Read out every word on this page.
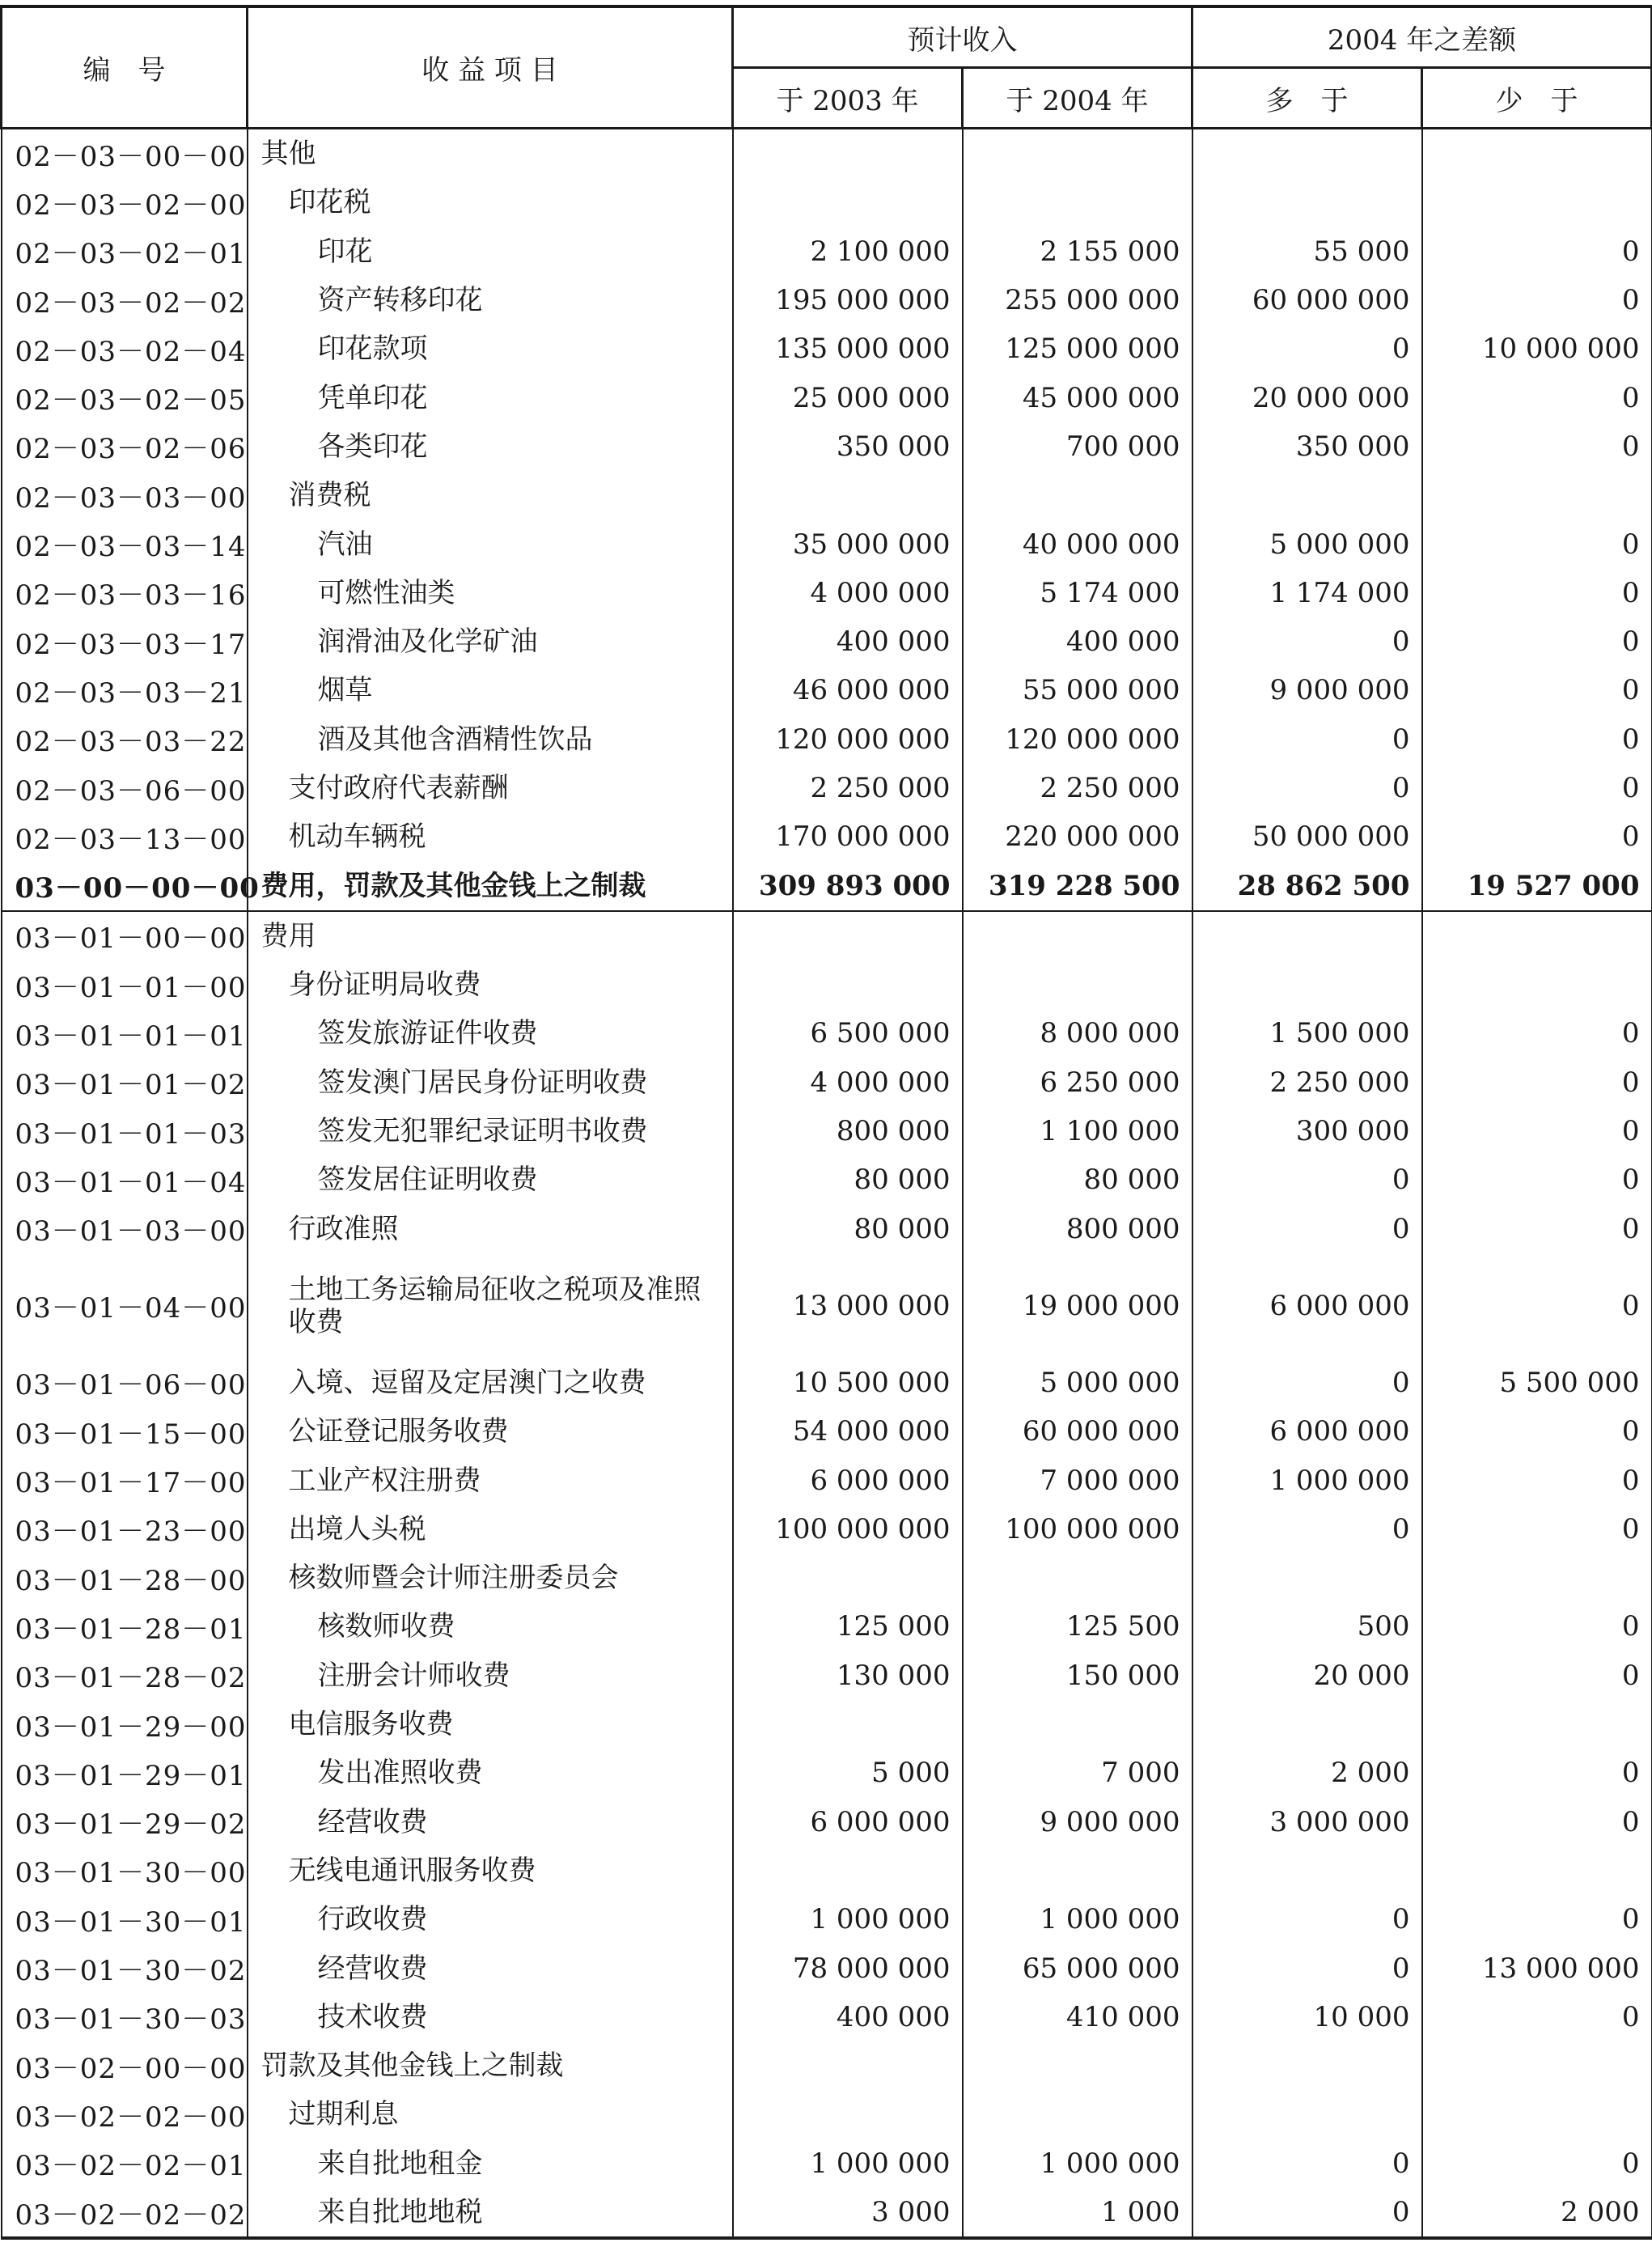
编　号	收 益 项 目	预计收入		2004 年之差额	
		于 2003 年	于 2004 年	多　于	少　于
02－03－00－00	其他				
02－03－02－00	印花税				
02－03－02－01	印花	2 100 000	2 155 000	55 000	0
02－03－02－02	资产转移印花	195 000 000	255 000 000	60 000 000	0
02－03－02－04	印花款项	135 000 000	125 000 000	0	10 000 000
02－03－02－05	凭单印花	25 000 000	45 000 000	20 000 000	0
02－03－02－06	各类印花	350 000	700 000	350 000	0
02－03－03－00	消费税				
02－03－03－14	汽油	35 000 000	40 000 000	5 000 000	0
02－03－03－16	可燃性油类	4 000 000	5 174 000	1 174 000	0
02－03－03－17	润滑油及化学矿油	400 000	400 000	0	0
02－03－03－21	烟草	46 000 000	55 000 000	9 000 000	0
02－03－03－22	酒及其他含酒精性饮品	120 000 000	120 000 000	0	0
02－03－06－00	支付政府代表薪酬	2 250 000	2 250 000	0	0
02－03－13－00	机动车辆税	170 000 000	220 000 000	50 000 000	0
03－00－00－00	费用，罚款及其他金钱上之制裁	309 893 000	319 228 500	28 862 500	19 527 000
03－01－00－00	费用				
03－01－01－00	身份证明局收费				
03－01－01－01	签发旅游证件收费	6 500 000	8 000 000	1 500 000	0
03－01－01－02	签发澳门居民身份证明收费	4 000 000	6 250 000	2 250 000	0
03－01－01－03	签发无犯罪纪录证明书收费	800 000	1 100 000	300 000	0
03－01－01－04	签发居住证明收费	80 000	80 000	0	0
03－01－03－00	行政准照	80 000	800 000	0	0
03－01－04－00	土地工务运输局征收之税项及准照收费	13 000 000	19 000 000	6 000 000	0
03－01－06－00	入境、逗留及定居澳门之收费	10 500 000	5 000 000	0	5 500 000
03－01－15－00	公证登记服务收费	54 000 000	60 000 000	6 000 000	0
03－01－17－00	工业产权注册费	6 000 000	7 000 000	1 000 000	0
03－01－23－00	出境人头税	100 000 000	100 000 000	0	0
03－01－28－00	核数师暨会计师注册委员会				
03－01－28－01	核数师收费	125 000	125 500	500	0
03－01－28－02	注册会计师收费	130 000	150 000	20 000	0
03－01－29－00	电信服务收费				
03－01－29－01	发出准照收费	5 000	7 000	2 000	0
03－01－29－02	经营收费	6 000 000	9 000 000	3 000 000	0
03－01－30－00	无线电通讯服务收费				
03－01－30－01	行政收费	1 000 000	1 000 000	0	0
03－01－30－02	经营收费	78 000 000	65 000 000	0	13 000 000
03－01－30－03	技术收费	400 000	410 000	10 000	0
03－02－00－00	罚款及其他金钱上之制裁				
03－02－02－00	过期利息				
03－02－02－01	来自批地租金	1 000 000	1 000 000	0	0
03－02－02－02	来自批地地税	3 000	1 000	0	2 000
